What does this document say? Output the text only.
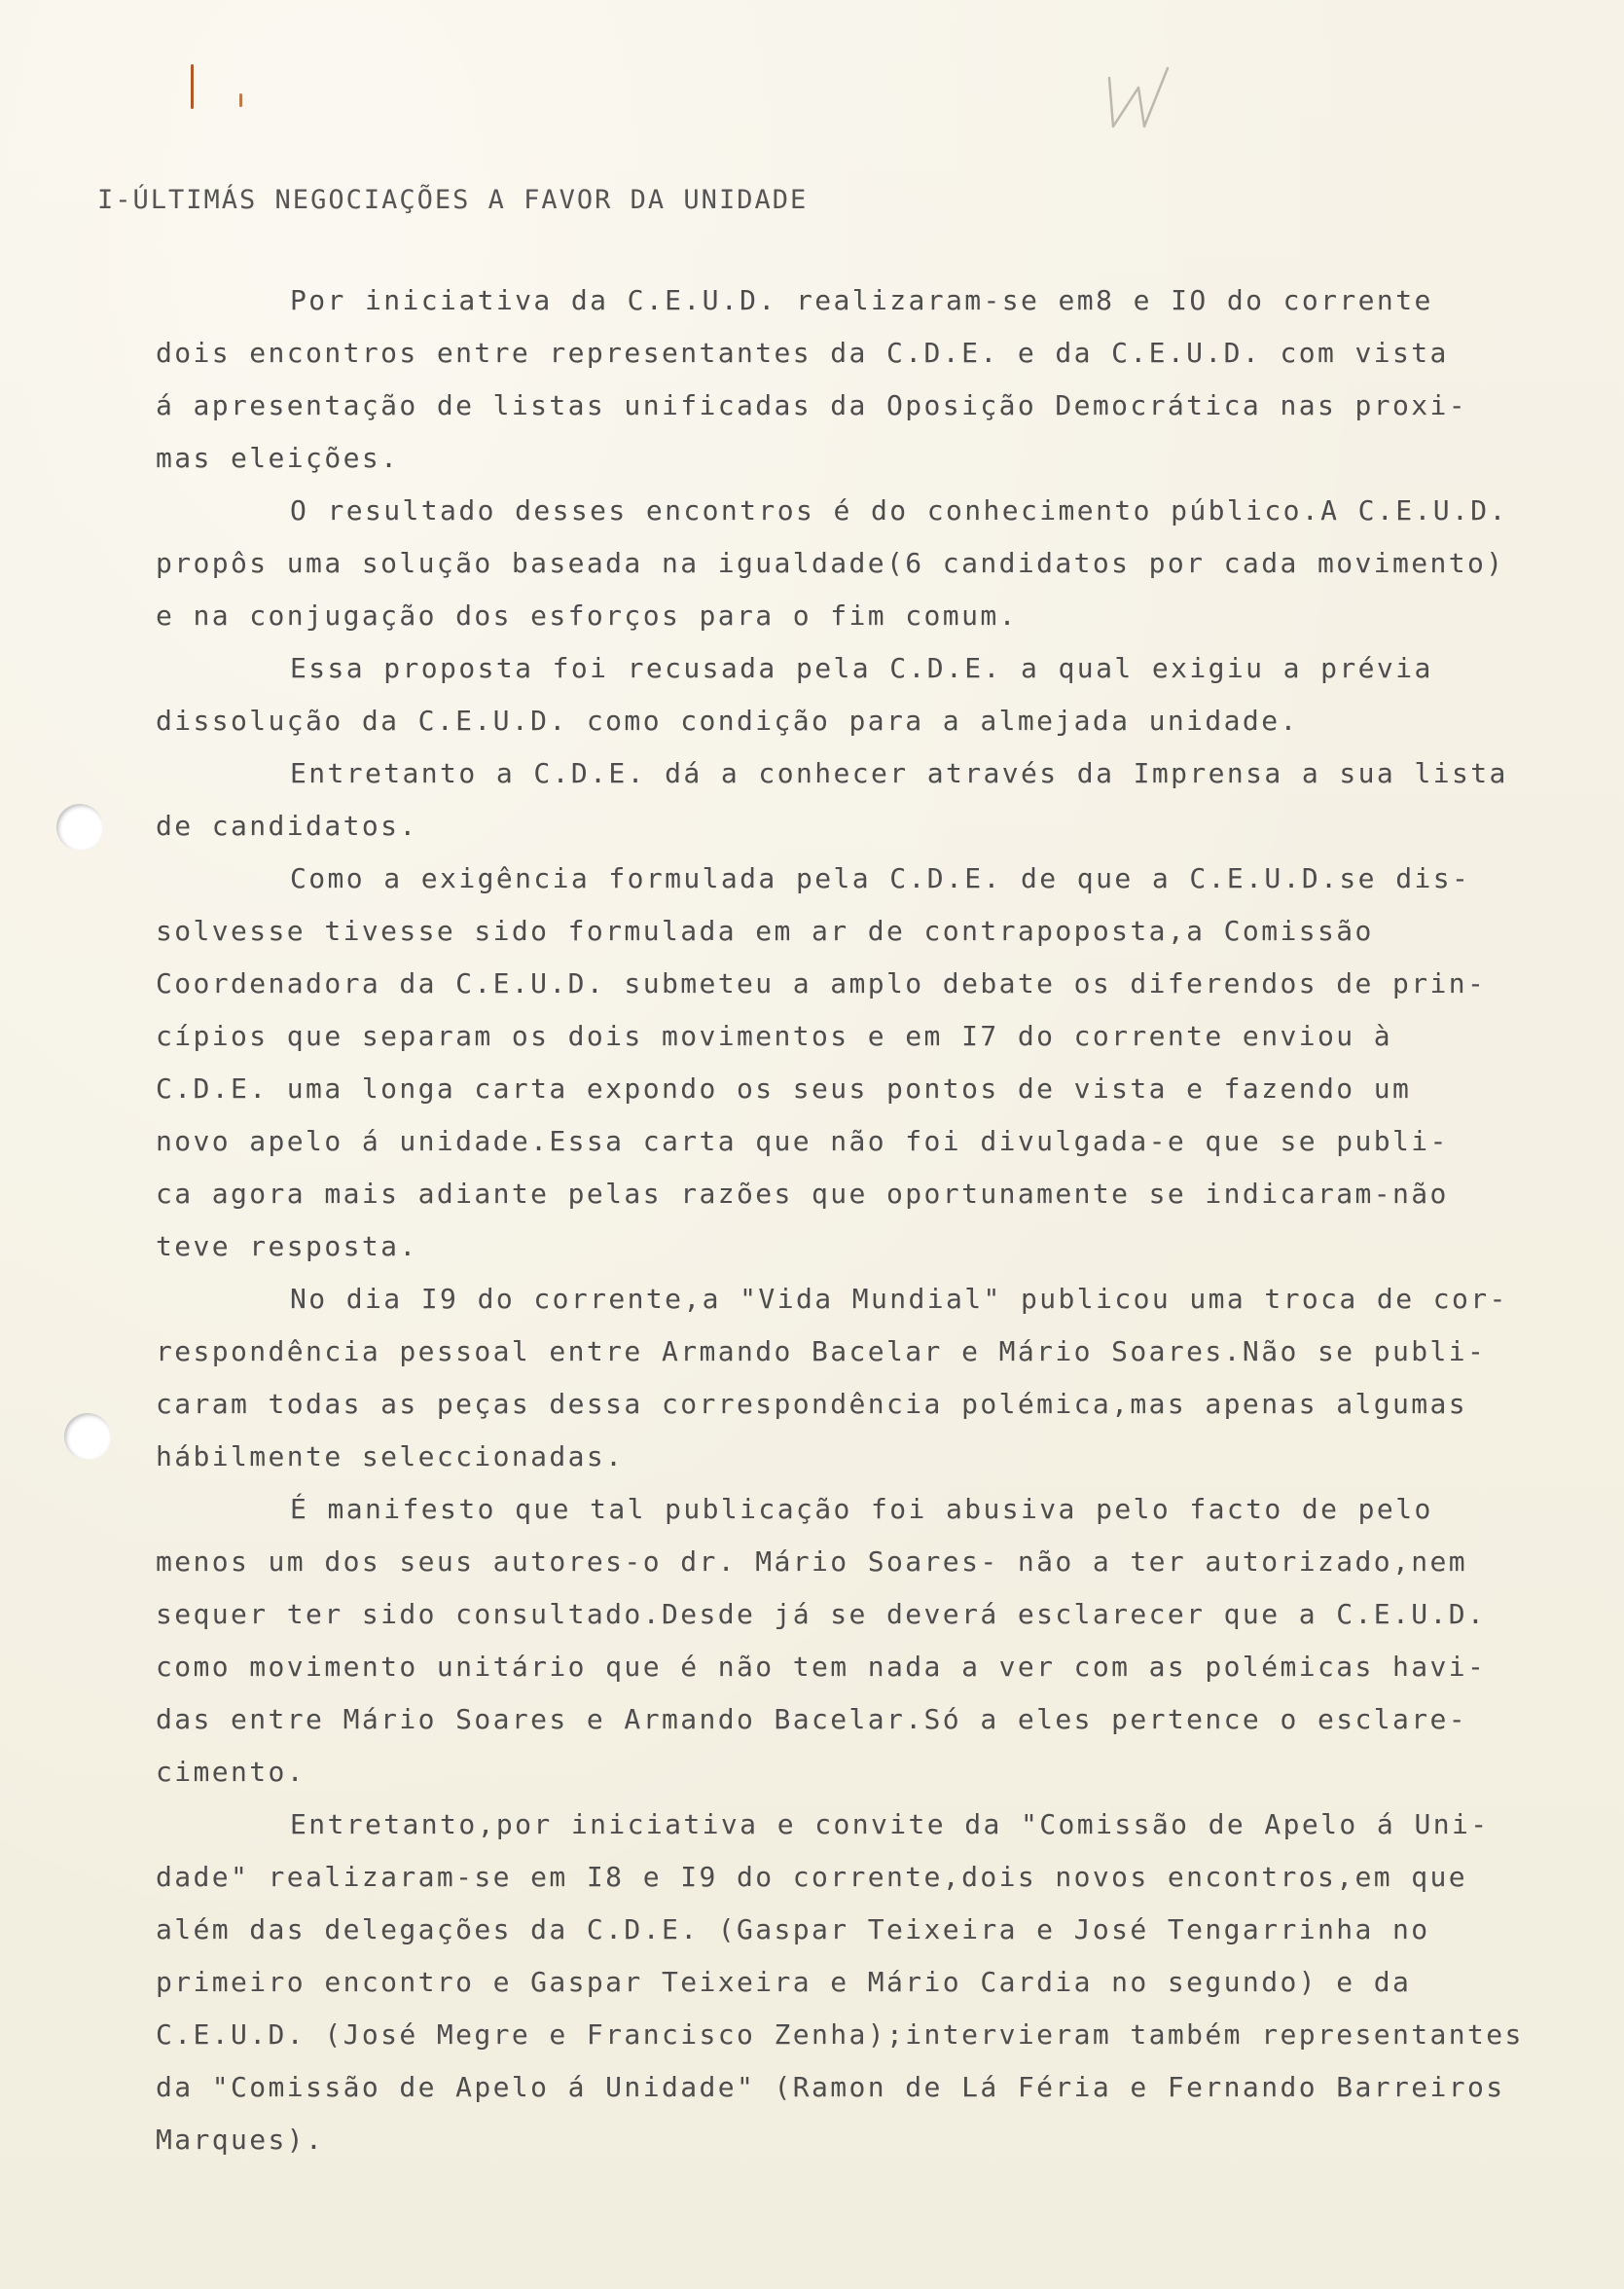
I-ÚLTIMÁS NEGOCIAÇÕES A FAVOR DA UNIDADE
Por iniciativa da C.E.U.D. realizaram-se em8 e IO do corrente
dois encontros entre representantes da C.D.E. e da C.E.U.D. com vista
á apresentação de listas unificadas da Oposição Democrática nas proxi-
mas eleições.
O resultado desses encontros é do conhecimento público.A C.E.U.D.
propôs uma solução baseada na igualdade(6 candidatos por cada movimento)
e na conjugação dos esforços para o fim comum.
Essa proposta foi recusada pela C.D.E. a qual exigiu a prévia
dissolução da C.E.U.D. como condição para a almejada unidade.
Entretanto a C.D.E. dá a conhecer através da Imprensa a sua lista
de candidatos.
Como a exigência formulada pela C.D.E. de que a C.E.U.D.se dis-
solvesse tivesse sido formulada em ar de contrapoposta,a Comissão
Coordenadora da C.E.U.D. submeteu a amplo debate os diferendos de prin-
cípios que separam os dois movimentos e em I7 do corrente enviou à
C.D.E. uma longa carta expondo os seus pontos de vista e fazendo um
novo apelo á unidade.Essa carta que não foi divulgada-e que se publi-
ca agora mais adiante pelas razões que oportunamente se indicaram-não
teve resposta.
No dia I9 do corrente,a "Vida Mundial" publicou uma troca de cor-
respondência pessoal entre Armando Bacelar e Mário Soares.Não se publi-
caram todas as peças dessa correspondência polémica,mas apenas algumas
hábilmente seleccionadas.
É manifesto que tal publicação foi abusiva pelo facto de pelo
menos um dos seus autores-o dr. Mário Soares- não a ter autorizado,nem
sequer ter sido consultado.Desde já se deverá esclarecer que a C.E.U.D.
como movimento unitário que é não tem nada a ver com as polémicas havi-
das entre Mário Soares e Armando Bacelar.Só a eles pertence o esclare-
cimento.
Entretanto,por iniciativa e convite da "Comissão de Apelo á Uni-
dade" realizaram-se em I8 e I9 do corrente,dois novos encontros,em que
além das delegações da C.D.E. (Gaspar Teixeira e José Tengarrinha no
primeiro encontro e Gaspar Teixeira e Mário Cardia no segundo) e da
C.E.U.D. (José Megre e Francisco Zenha);intervieram também representantes
da "Comissão de Apelo á Unidade" (Ramon de Lá Féria e Fernando Barreiros
Marques).
